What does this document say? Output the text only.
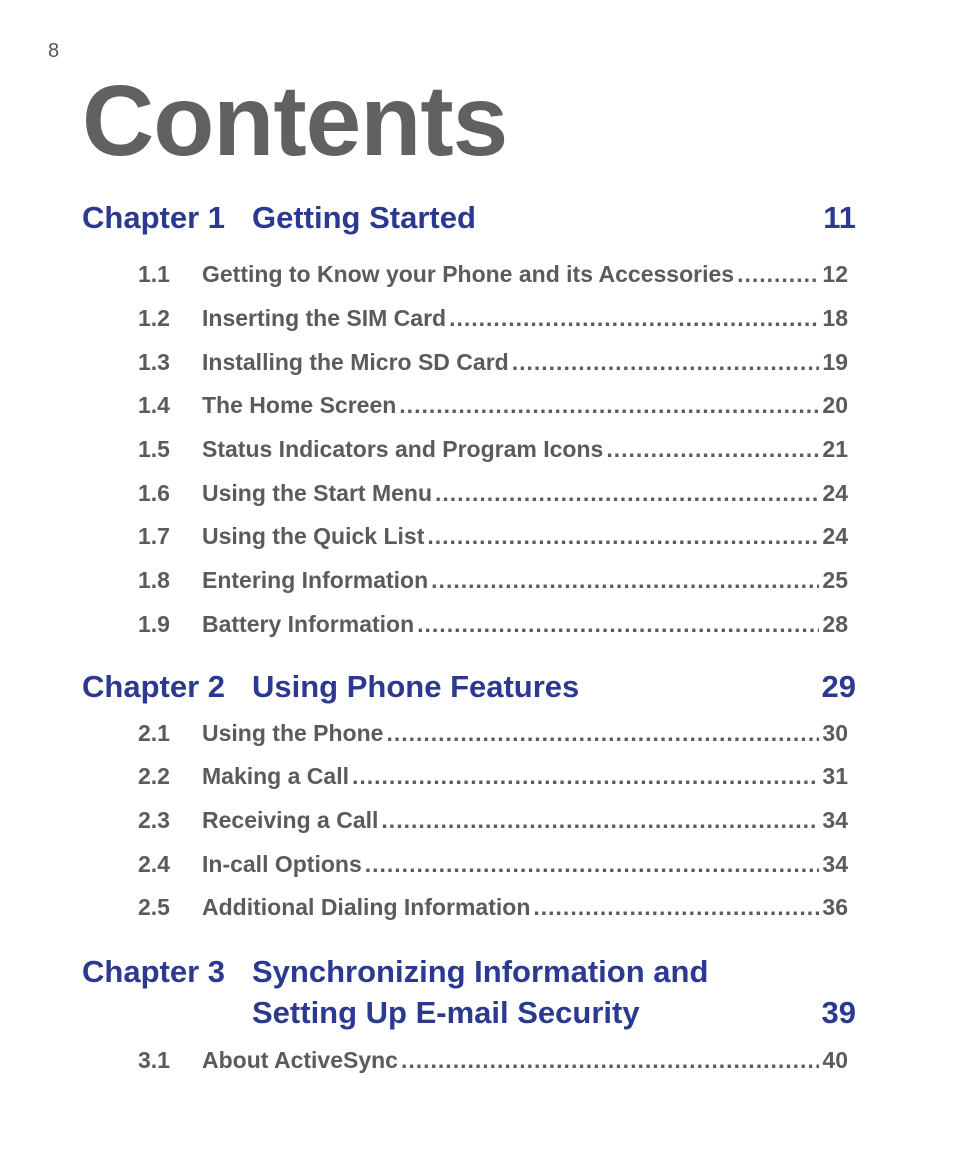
8
Contents
Chapter 1 Getting Started	11
1.1	Getting to Know your Phone and its Accessories .....	12
1.2	Inserting the SIM Card .....	18
1.3	Installing the Micro SD Card .....	19
1.4	The Home Screen .....	20
1.5	Status Indicators and Program Icons .....	21
1.6	Using the Start Menu .....	24
1.7	Using the Quick List .....	24
1.8	Entering Information .....	25
1.9	Battery Information .....	28
Chapter 2 Using Phone Features	29
2.1	Using the Phone .....	30
2.2	Making a Call .....	31
2.3	Receiving a Call .....	34
2.4	In-call Options .....	34
2.5	Additional Dialing Information .....	36
Chapter 3 Synchronizing Information and
Setting Up E-mail Security	39
3.1	About ActiveSync .....	40
